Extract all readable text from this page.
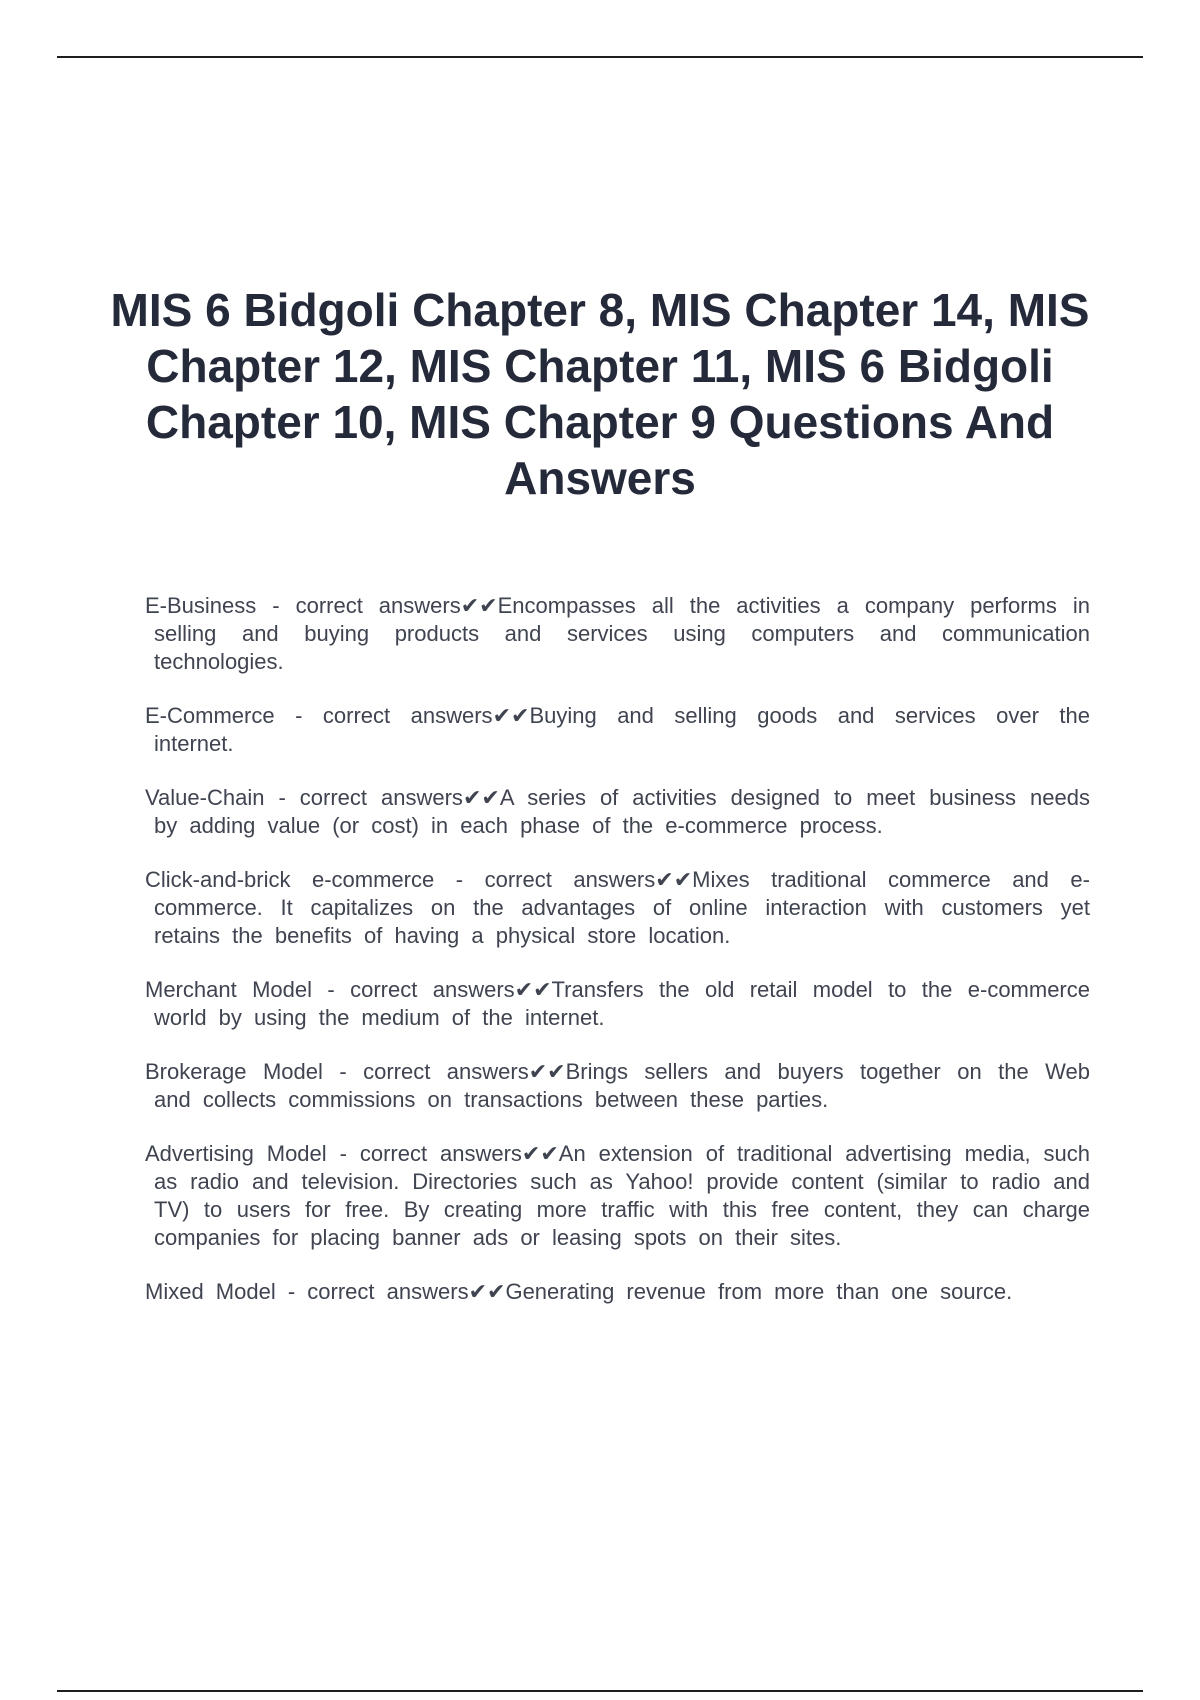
MIS 6 Bidgoli Chapter 8, MIS Chapter 14, MIS Chapter 12, MIS Chapter 11, MIS 6 Bidgoli Chapter 10, MIS Chapter 9 Questions And Answers

E-Business - correct answers✔✔Encompasses all the activities a company performs in selling and buying products and services using computers and communication technologies.

E-Commerce - correct answers✔✔Buying and selling goods and services over the internet.

Value-Chain - correct answers✔✔A series of activities designed to meet business needs by adding value (or cost) in each phase of the e-commerce process.

Click-and-brick e-commerce - correct answers✔✔Mixes traditional commerce and e-commerce. It capitalizes on the advantages of online interaction with customers yet retains the benefits of having a physical store location.

Merchant Model - correct answers✔✔Transfers the old retail model to the e-commerce world by using the medium of the internet.

Brokerage Model - correct answers✔✔Brings sellers and buyers together on the Web and collects commissions on transactions between these parties.

Advertising Model - correct answers✔✔An extension of traditional advertising media, such as radio and television. Directories such as Yahoo! provide content (similar to radio and TV) to users for free. By creating more traffic with this free content, they can charge companies for placing banner ads or leasing spots on their sites.

Mixed Model - correct answers✔✔Generating revenue from more than one source.
